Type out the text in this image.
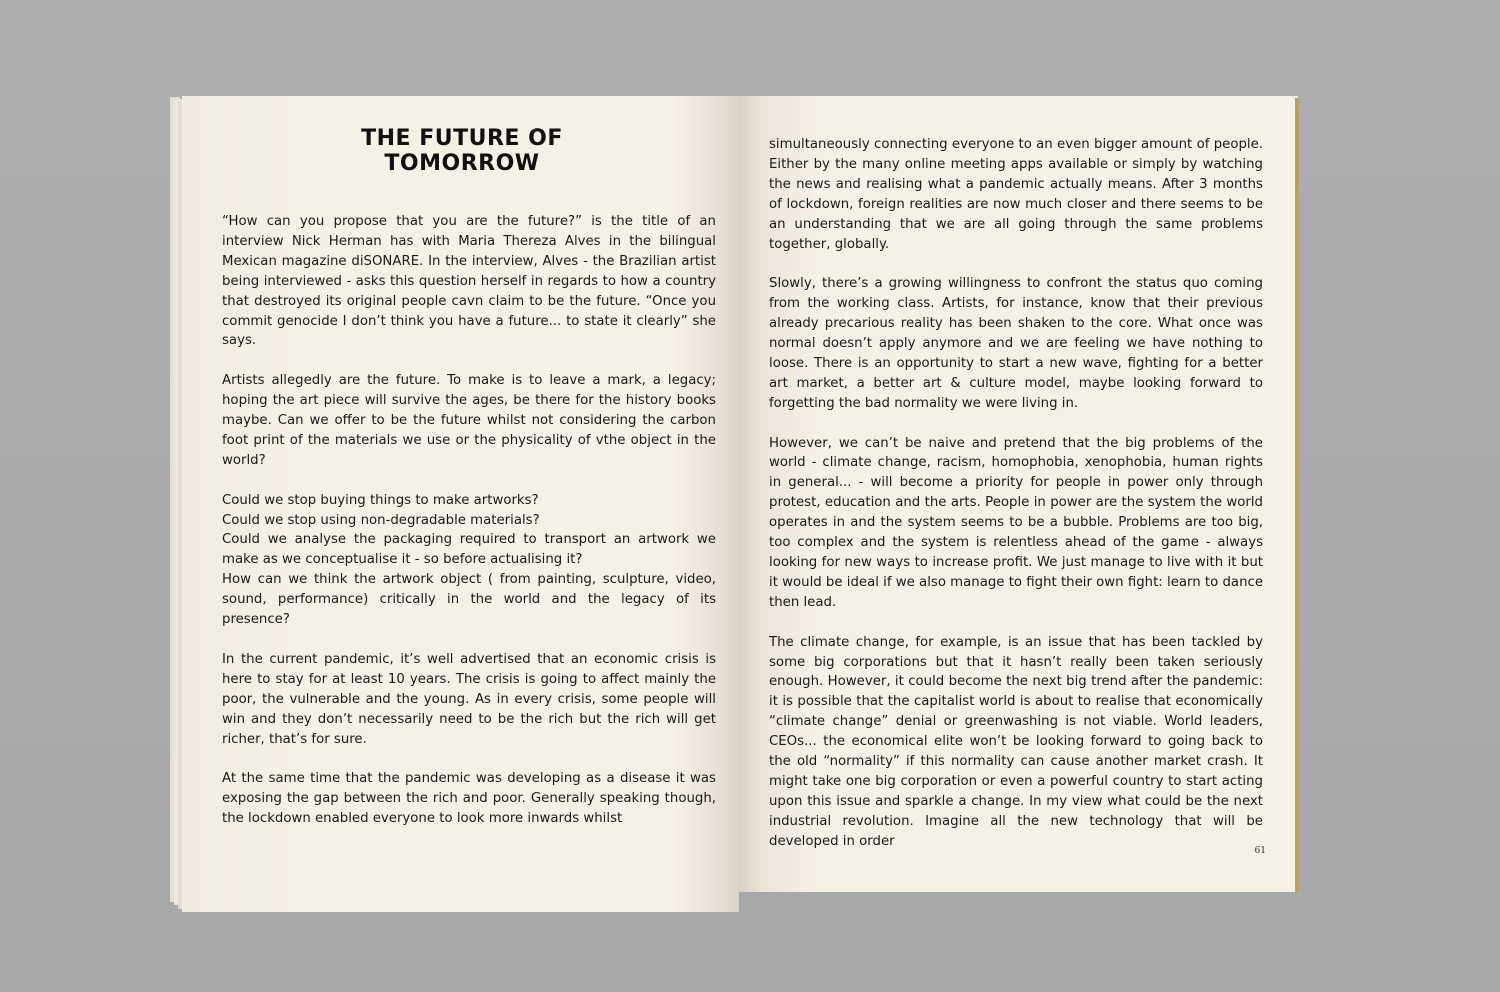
THE FUTURE OF TOMORROW

“How can you propose that you are the future?” is the title of an interview Nick Herman has with Maria Thereza Alves in the bilingual Mexican magazine diSONARE. In the interview, Alves - the Brazilian artist being interviewed - asks this question herself in regards to how a country that destroyed its original people cavn claim to be the future. “Once you commit genocide I don’t think you have a future... to state it clearly” she says.

Artists allegedly are the future. To make is to leave a mark, a legacy; hoping the art piece will survive the ages, be there for the history books maybe. Can we offer to be the future whilst not considering the carbon foot print of the materials we use or the physicality of vthe object in the world?

Could we stop buying things to make artworks?

Could we stop using non-degradable materials?

Could we analyse the packaging required to transport an artwork we make as we conceptualise it - so before actualising it?

How can we think the artwork object ( from painting, sculpture, video, sound, performance) critically in the world and the legacy of its presence?

In the current pandemic, it’s well advertised that an economic crisis is here to stay for at least 10 years. The crisis is going to affect mainly the poor, the vulnerable and the young. As in every crisis, some people will win and they don’t necessarily need to be the rich but the rich will get richer, that’s for sure.

At the same time that the pandemic was developing as a disease it was exposing the gap between the rich and poor. Generally speaking though, the lockdown enabled everyone to look more inwards whilst

simultaneously connecting everyone to an even bigger amount of people. Either by the many online meeting apps available or simply by watching the news and realising what a pandemic actually means. After 3 months of lockdown, foreign realities are now much closer and there seems to be an understanding that we are all going through the same problems together, globally.

Slowly, there’s a growing willingness to confront the status quo coming from the working class. Artists, for instance, know that their previous already precarious reality has been shaken to the core. What once was normal doesn’t apply anymore and we are feeling we have nothing to loose. There is an opportunity to start a new wave, fighting for a better art market, a better art & culture model, maybe looking forward to forgetting the bad normality we were living in.

However, we can’t be naive and pretend that the big problems of the world - climate change, racism, homophobia, xenophobia, human rights in general... - will become a priority for people in power only through protest, education and the arts. People in power are the system the world operates in and the system seems to be a bubble. Problems are too big, too complex and the system is relentless ahead of the game - always looking for new ways to increase profit. We just manage to live with it but it would be ideal if we also manage to fight their own fight: learn to dance then lead.

The climate change, for example, is an issue that has been tackled by some big corporations but that it hasn’t really been taken seriously enough. However, it could become the next big trend after the pandemic: it is possible that the capitalist world is about to realise that economically “climate change” denial or greenwashing is not viable. World leaders, CEOs... the economical elite won’t be looking forward to going back to the old “normality” if this normality can cause another market crash. It might take one big corporation or even a powerful country to start acting upon this issue and sparkle a change. In my view what could be the next industrial revolution. Imagine all the new technology that will be developed in order

61
